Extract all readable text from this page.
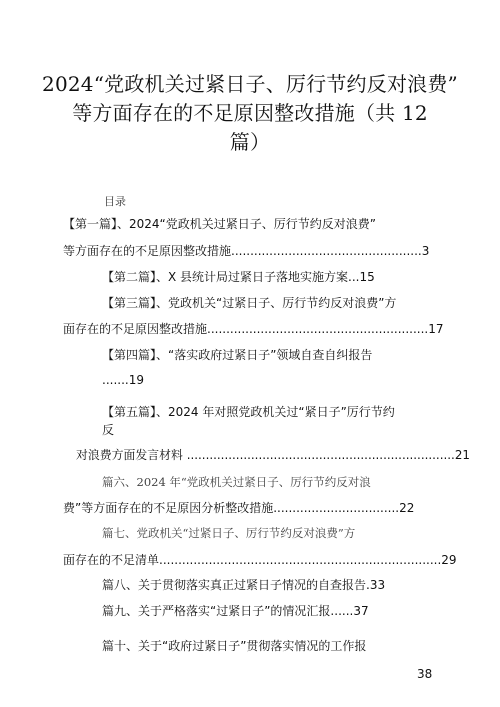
2024“党政机关过紧日子、厉行节约反对浪费”
等方面存在的不足原因整改措施（共 12
篇）
目录
【第一篇】、2024“党政机关过紧日子、厉行节约反对浪费”
等方面存在的不足原因整改措施..................................................3
【第二篇】、X 县统计局过紧日子落地实施方案...15
【第三篇】、党政机关“过紧日子、厉行节约反对浪费”方
面存在的不足原因整改措施..........................................................17
【第四篇】、“落实政府过紧日子”领域自查自纠报告
.......19
【第五篇】、2024 年对照党政机关过“紧日子”厉行节约
反
对浪费方面发言材料 .......................................................................21
篇六、2024 年“党政机关过紧日子、厉行节约反对浪
费”等方面存在的不足原因分析整改措施.................................22
篇七、党政机关“过紧日子、厉行节约反对浪费”方
面存在的不足清单..........................................................................29
篇八、关于贯彻落实真正过紧日子情况的自查报告.33
篇九、关于严格落实“过紧日子”的情况汇报......37
篇十、关于“政府过紧日子”贯彻落实情况的工作报
38
